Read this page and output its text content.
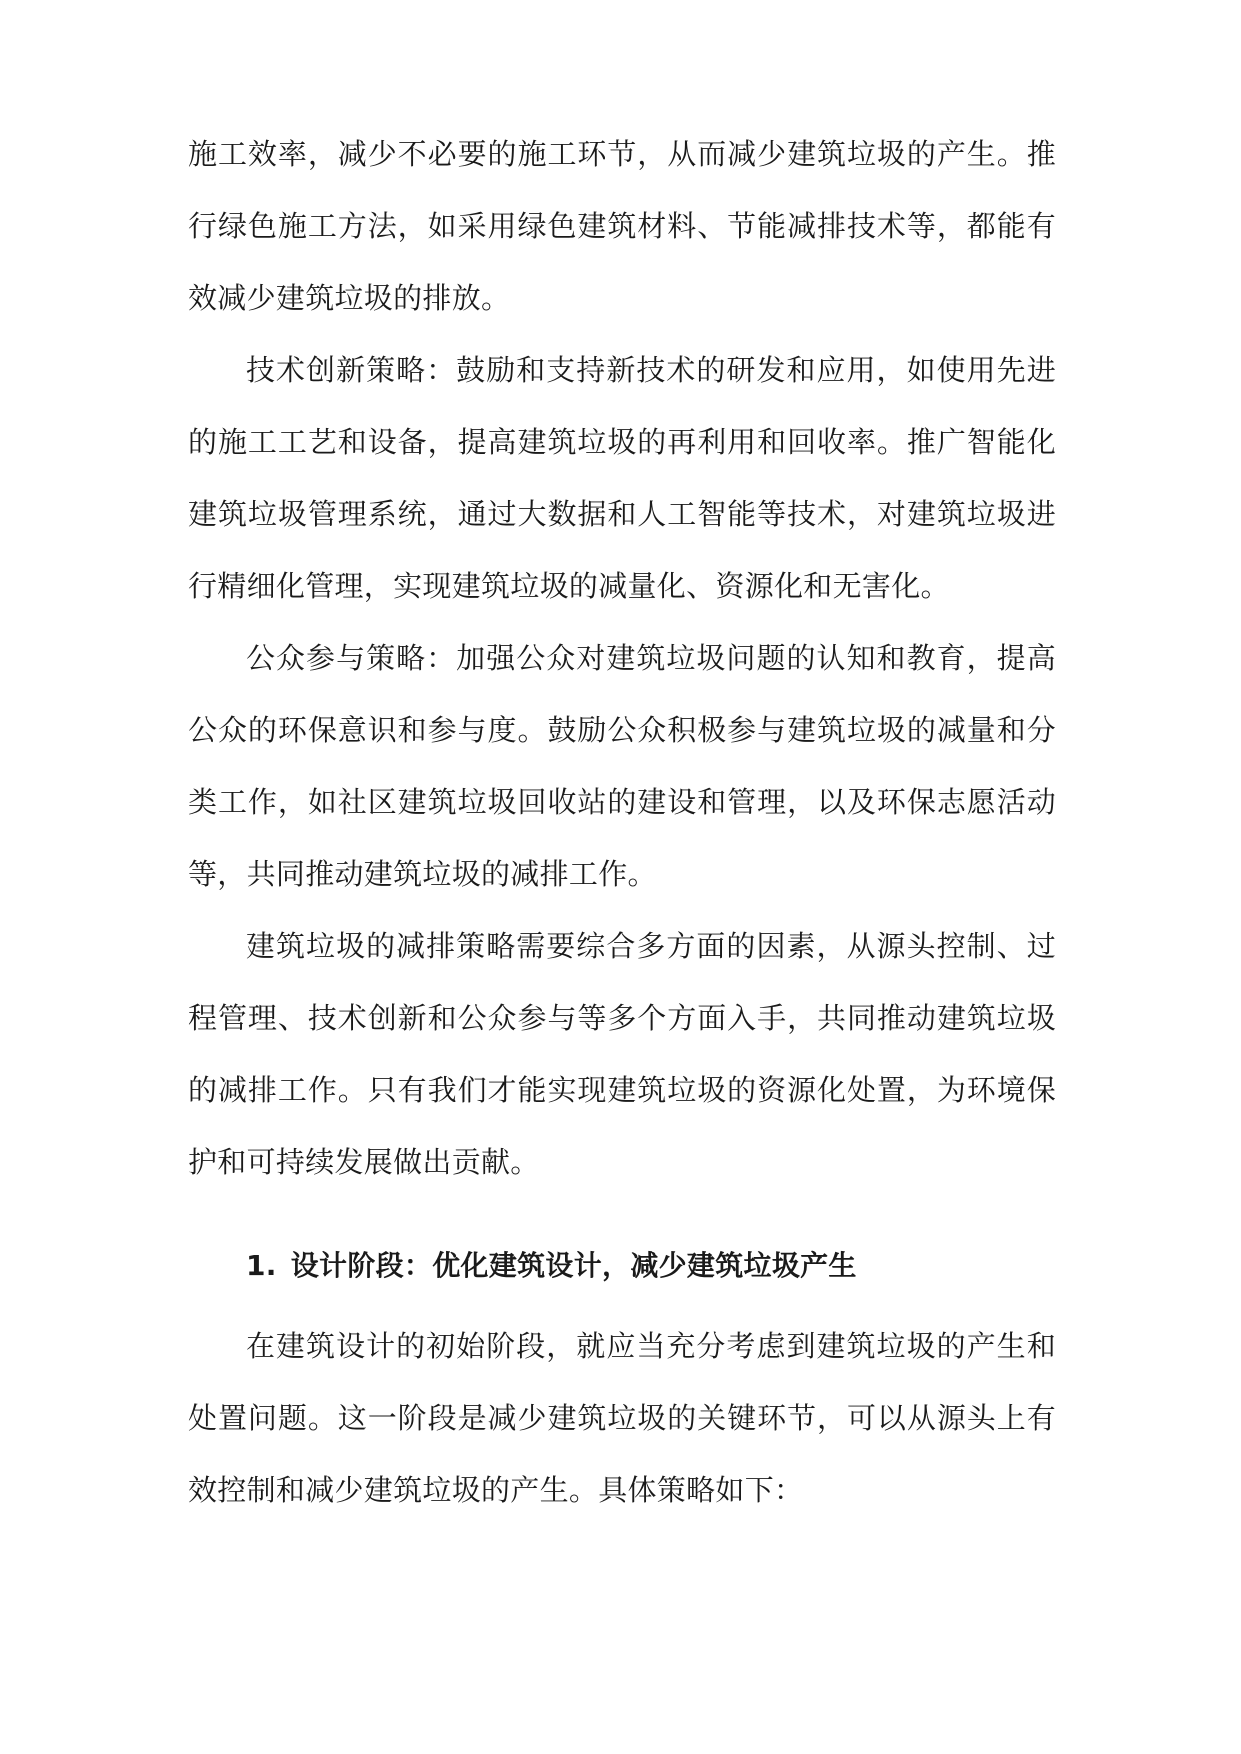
施工效率，减少不必要的施工环节，从而减少建筑垃圾的产生。推行绿色施工方法，如采用绿色建筑材料、节能减排技术等，都能有效减少建筑垃圾的排放。

技术创新策略：鼓励和支持新技术的研发和应用，如使用先进的施工工艺和设备，提高建筑垃圾的再利用和回收率。推广智能化建筑垃圾管理系统，通过大数据和人工智能等技术，对建筑垃圾进行精细化管理，实现建筑垃圾的减量化、资源化和无害化。

公众参与策略：加强公众对建筑垃圾问题的认知和教育，提高公众的环保意识和参与度。鼓励公众积极参与建筑垃圾的减量和分类工作，如社区建筑垃圾回收站的建设和管理，以及环保志愿活动等，共同推动建筑垃圾的减排工作。

建筑垃圾的减排策略需要综合多方面的因素，从源头控制、过程管理、技术创新和公众参与等多个方面入手，共同推动建筑垃圾的减排工作。只有我们才能实现建筑垃圾的资源化处置，为环境保护和可持续发展做出贡献。

1. 设计阶段：优化建筑设计，减少建筑垃圾产生

在建筑设计的初始阶段，就应当充分考虑到建筑垃圾的产生和处置问题。这一阶段是减少建筑垃圾的关键环节，可以从源头上有效控制和减少建筑垃圾的产生。具体策略如下：
